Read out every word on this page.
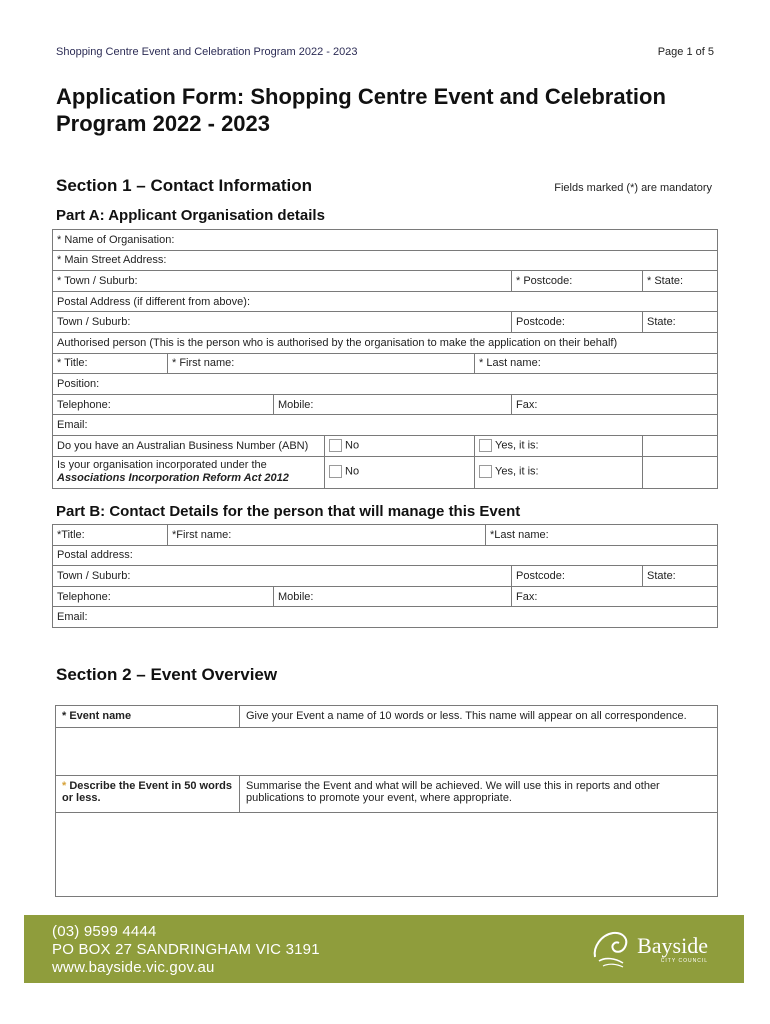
Shopping Centre Event and Celebration Program 2022 - 2023	Page 1 of 5
Application Form: Shopping Centre Event and Celebration
Program 2022 - 2023
Section 1 – Contact Information	Fields marked (*) are mandatory
Part A: Applicant Organisation details
* Name of Organisation:						
* Main Street Address:						
* Town / Suburb:					* Postcode:	* State:
Postal Address (if different from above):						
Town / Suburb:					Postcode:	State:
Authorised person (This is the person who is authorised by the organisation to make the application on their behalf)						
* Title:	* First name:			* Last name:		
Position:						
Telephone:		Mobile:			Fax:	
Email:						
Do you have an Australian Business Number (ABN)			No	Yes, it is:		
Is your organisation incorporated under the Associations Incorporation Reform Act 2012			No	Yes, it is:		
Part B: Contact Details for the person that will manage this Event
*Title:	*First name:		*Last name:		
Postal address:					
Town / Suburb:				Postcode:	State:
Telephone:		Mobile:		Fax:	
Email:					
Section 2 – Event Overview
* Event name	Give your Event a name of 10 words or less. This name will appear on all correspondence.

* Describe the Event in 50 words or less.	Summarise the Event and what will be achieved. We will use this in reports and other publications to promote your event, where appropriate.

(03) 9599 4444
PO BOX 27 SANDRINGHAM VIC 3191
www.bayside.vic.gov.au
Bayside
CITY COUNCIL
